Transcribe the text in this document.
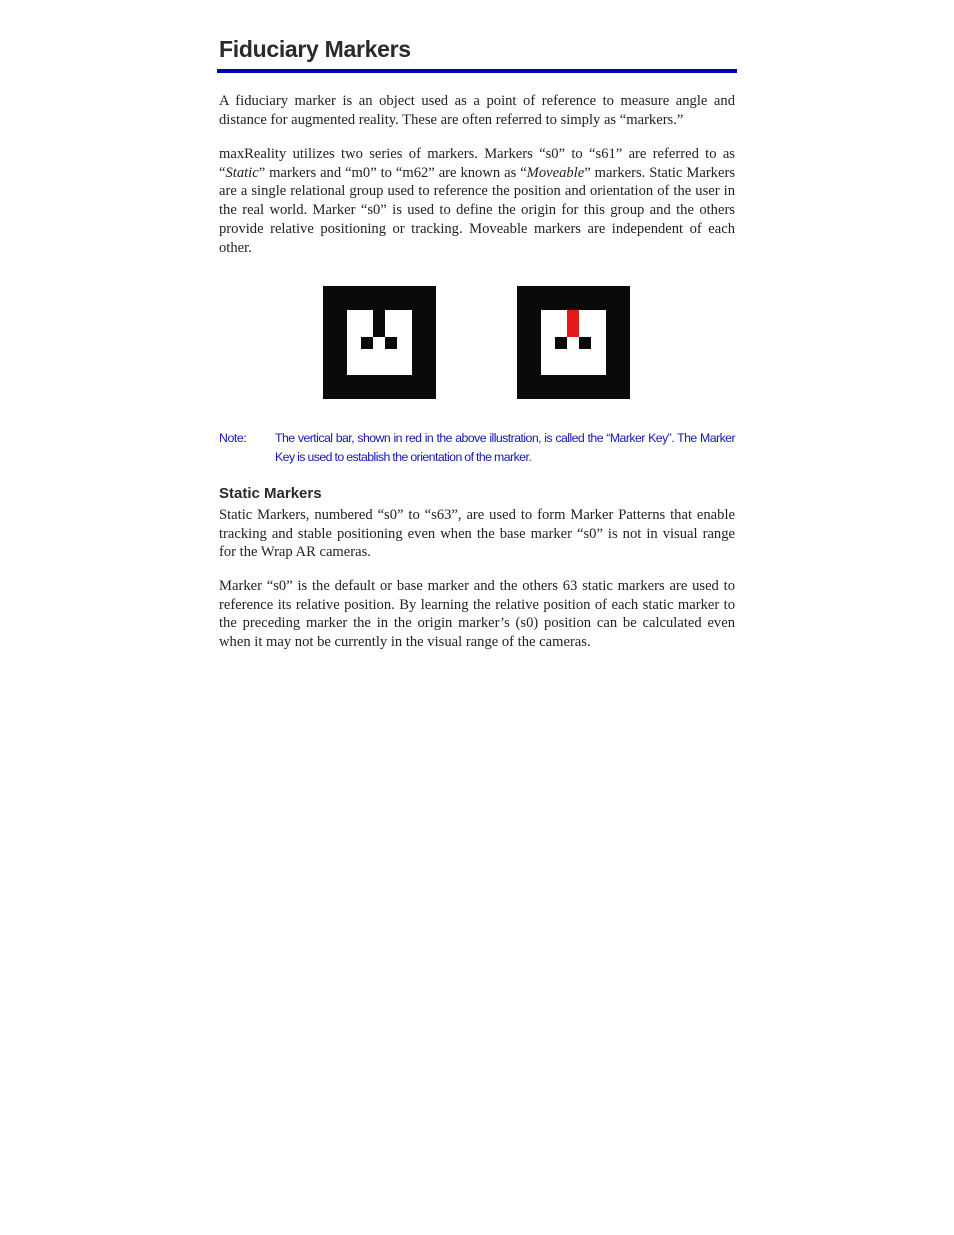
Fiduciary Markers

A fiduciary marker is an object used as a point of reference to measure angle and distance for augmented reality. These are often referred to simply as “markers.”

maxReality utilizes two series of markers. Markers “s0” to “s61” are referred to as “Static” markers and “m0” to “m62” are known as “Moveable” markers. Static Markers are a single relational group used to reference the position and orientation of the user in the real world. Marker “s0” is used to define the origin for this group and the others provide relative positioning or tracking. Moveable markers are independent of each other.

Note: The vertical bar, shown in red in the above illustration, is called the “Marker Key”. The Marker Key is used to establish the orientation of the marker.
Static Markers

Static Markers, numbered “s0” to “s63”, are used to form Marker Patterns that enable tracking and stable positioning even when the base marker “s0” is not in visual range for the Wrap AR cameras.

Marker “s0” is the default or base marker and the others 63 static markers are used to reference its relative position. By learning the relative position of each static marker to the preceding marker the in the origin marker’s (s0) position can be calculated even when it may not be currently in the visual range of the cameras.
